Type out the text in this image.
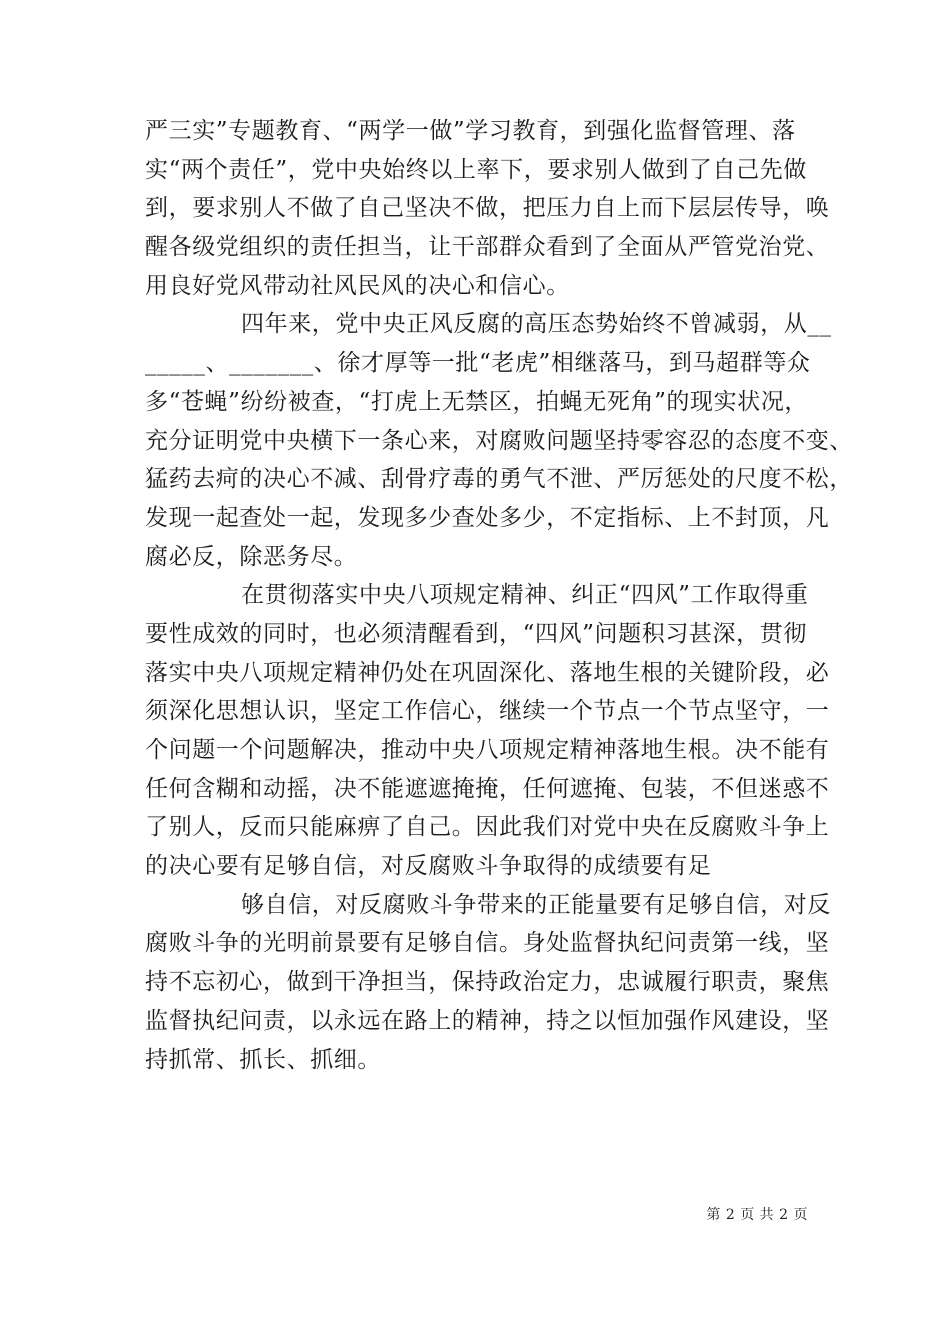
严三实”专题教育、“两学一做”学习教育，到强化监督管理、落
实“两个责任”，党中央始终以上率下，要求别人做到了自己先做
到，要求别人不做了自己坚决不做，把压力自上而下层层传导，唤
醒各级党组织的责任担当，让干部群众看到了全面从严管党治党、
用良好党风带动社风民风的决心和信心。
四年来，党中央正风反腐的高压态势始终不曾减弱，从__
_____、_______、徐才厚等一批“老虎”相继落马，到马超群等众
多“苍蝇”纷纷被查，“打虎上无禁区，拍蝇无死角”的现实状况，
充分证明党中央横下一条心来，对腐败问题坚持零容忍的态度不变、
猛药去疴的决心不减、刮骨疗毒的勇气不泄、严厉惩处的尺度不松，
发现一起查处一起，发现多少查处多少，不定指标、上不封顶，凡
腐必反，除恶务尽。
在贯彻落实中央八项规定精神、纠正“四风”工作取得重
要性成效的同时，也必须清醒看到，“四风”问题积习甚深，贯彻
落实中央八项规定精神仍处在巩固深化、落地生根的关键阶段，必
须深化思想认识，坚定工作信心，继续一个节点一个节点坚守，一
个问题一个问题解决，推动中央八项规定精神落地生根。决不能有
任何含糊和动摇，决不能遮遮掩掩，任何遮掩、包装，不但迷惑不
了别人，反而只能麻痹了自己。因此我们对党中央在反腐败斗争上
的决心要有足够自信，对反腐败斗争取得的成绩要有足
够自信，对反腐败斗争带来的正能量要有足够自信，对反
腐败斗争的光明前景要有足够自信。身处监督执纪问责第一线，坚
持不忘初心，做到干净担当，保持政治定力，忠诚履行职责，聚焦
监督执纪问责，以永远在路上的精神，持之以恒加强作风建设，坚
持抓常、抓长、抓细。
第 2 页 共 2 页
